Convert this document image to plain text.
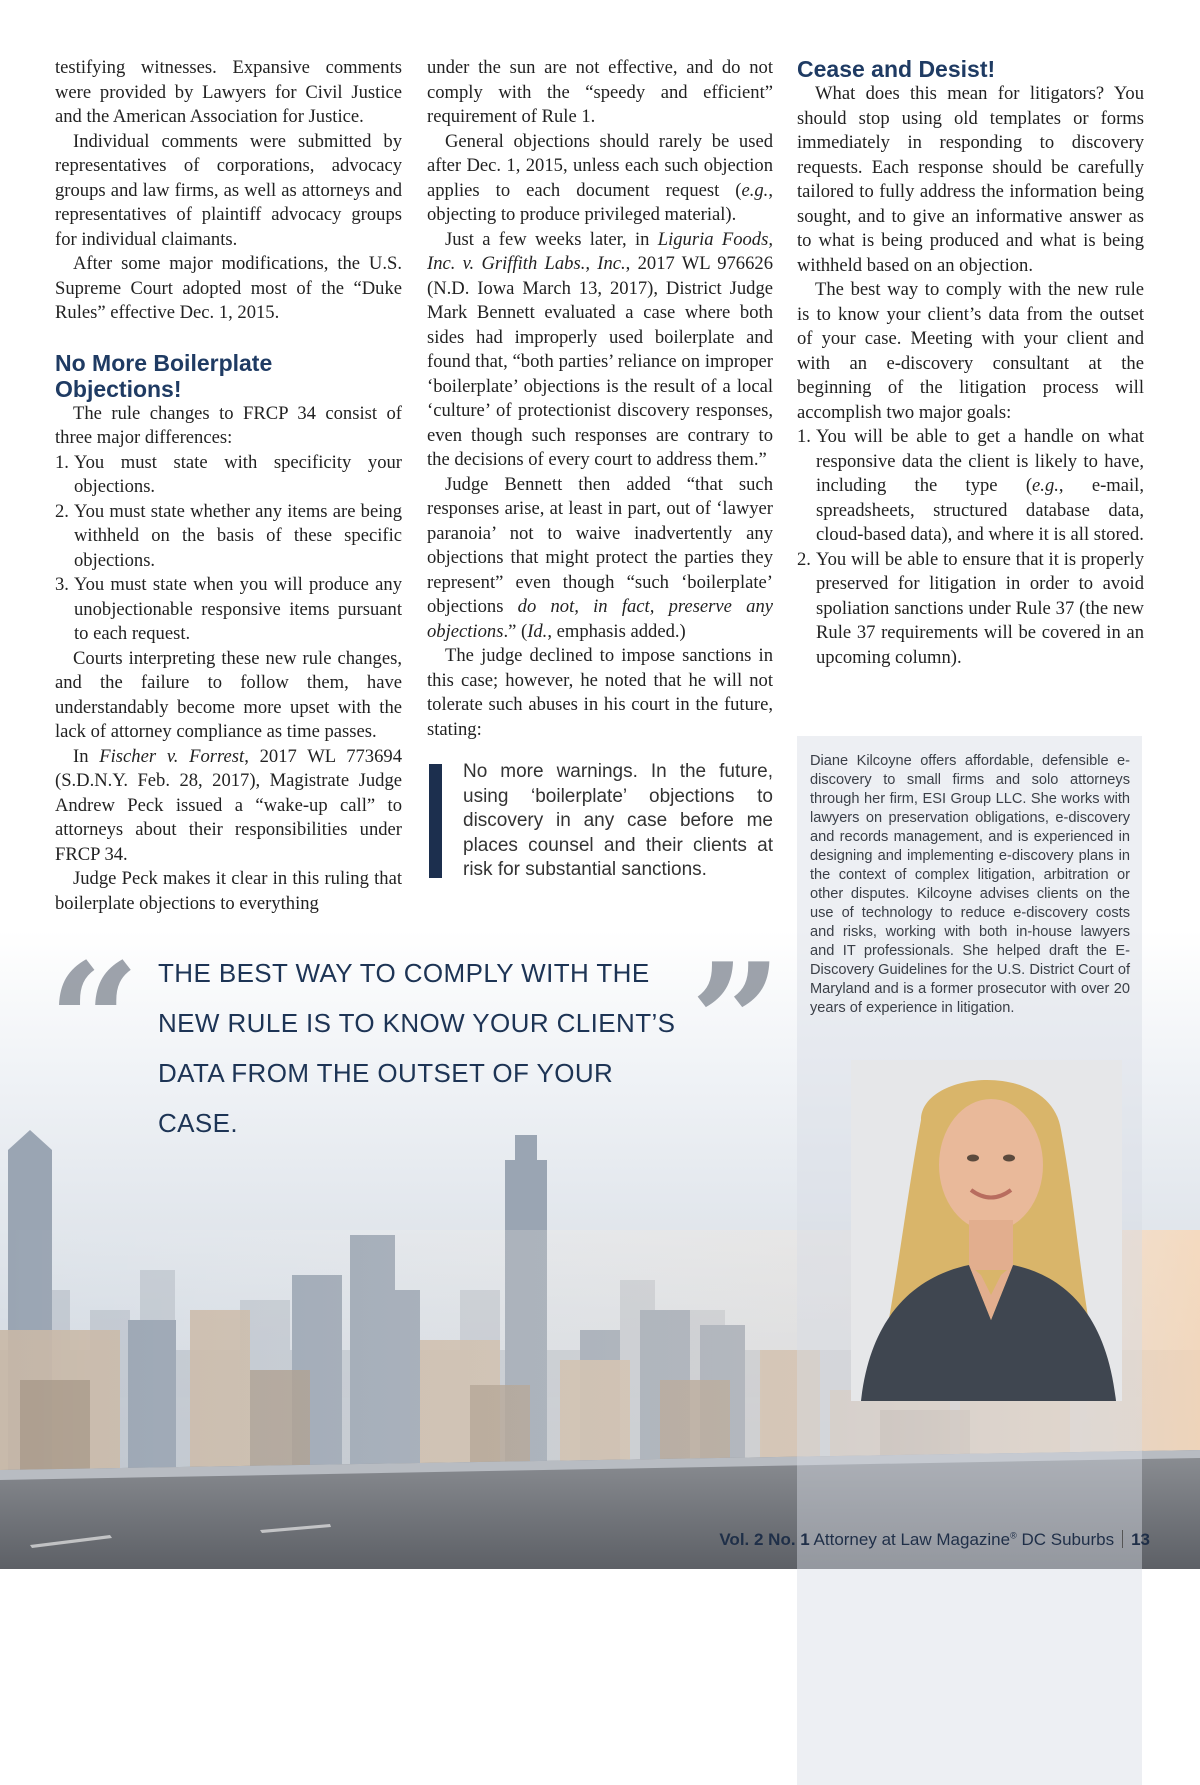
testifying witnesses. Expansive comments were provided by Lawyers for Civil Justice and the American Association for Justice.

Individual comments were submitted by representatives of corporations, advocacy groups and law firms, as well as attorneys and representatives of plaintiff advocacy groups for individual claimants.

After some major modifications, the U.S. Supreme Court adopted most of the “Duke Rules” effective Dec. 1, 2015.

No More Boilerplate Objections!

The rule changes to FRCP 34 consist of three major differences:

1. You must state with specificity your objections.
2. You must state whether any items are being withheld on the basis of these specific objections.
3. You must state when you will produce any unobjectionable responsive items pursuant to each request.

Courts interpreting these new rule changes, and the failure to follow them, have understandably become more upset with the lack of attorney compliance as time passes.

In Fischer v. Forrest, 2017 WL 773694 (S.D.N.Y. Feb. 28, 2017), Magistrate Judge Andrew Peck issued a “wake-up call” to attorneys about their responsibilities under FRCP 34.

Judge Peck makes it clear in this ruling that boilerplate objections to everything

under the sun are not effective, and do not comply with the “speedy and efficient” requirement of Rule 1.

General objections should rarely be used after Dec. 1, 2015, unless each such objection applies to each document request (e.g., objecting to produce privileged material).

Just a few weeks later, in Liguria Foods, Inc. v. Griffith Labs., Inc., 2017 WL 976626 (N.D. Iowa March 13, 2017), District Judge Mark Bennett evaluated a case where both sides had improperly used boilerplate and found that, “both parties’ reliance on improper ‘boilerplate’ objections is the result of a local ‘culture’ of protectionist discovery responses, even though such responses are contrary to the decisions of every court to address them.”

Judge Bennett then added “that such responses arise, at least in part, out of ‘lawyer paranoia’ not to waive inadvertently any objections that might protect the parties they represent” even though “such ‘boilerplate’ objections do not, in fact, preserve any objections.” (Id., emphasis added.)

The judge declined to impose sanctions in this case; however, he noted that he will not tolerate such abuses in his court in the future, stating:

No more warnings. In the future, using ‘boilerplate’ objections to discovery in any case before me places counsel and their clients at risk for substantial sanctions.
Cease and Desist!

What does this mean for litigators? You should stop using old templates or forms immediately in responding to discovery requests. Each response should be carefully tailored to fully address the information being sought, and to give an informative answer as to what is being produced and what is being withheld based on an objection.

The best way to comply with the new rule is to know your client’s data from the outset of your case. Meeting with your client and with an e-discovery consultant at the beginning of the litigation process will accomplish two major goals:

1. You will be able to get a handle on what responsive data the client is likely to have, including the type (e.g., e-mail, spreadsheets, structured database data, cloud-based data), and where it is all stored.
2. You will be able to ensure that it is properly preserved for litigation in order to avoid spoliation sanctions under Rule 37 (the new Rule 37 requirements will be covered in an upcoming column).
Diane Kilcoyne offers affordable, defensible e-discovery to small firms and solo attorneys through her firm, ESI Group LLC. She works with lawyers on preservation obligations, e-discovery and records management, and is experienced in designing and implementing e-discovery plans in the context of complex litigation, arbitration or other disputes. Kilcoyne advises clients on the use of technology to reduce e-discovery costs and risks, working with both in-house lawyers and IT professionals. She helped draft the E-Discovery Guidelines for the U.S. District Court of Maryland and is a former prosecutor with over 20 years of experience in litigation.
“ THE BEST WAY TO COMPLY WITH THE NEW RULE IS TO KNOW YOUR CLIENT’S DATA FROM THE OUTSET OF YOUR CASE.
”
Vol. 2 No. 1 Attorney at Law Magazine® DC Suburbs 13
